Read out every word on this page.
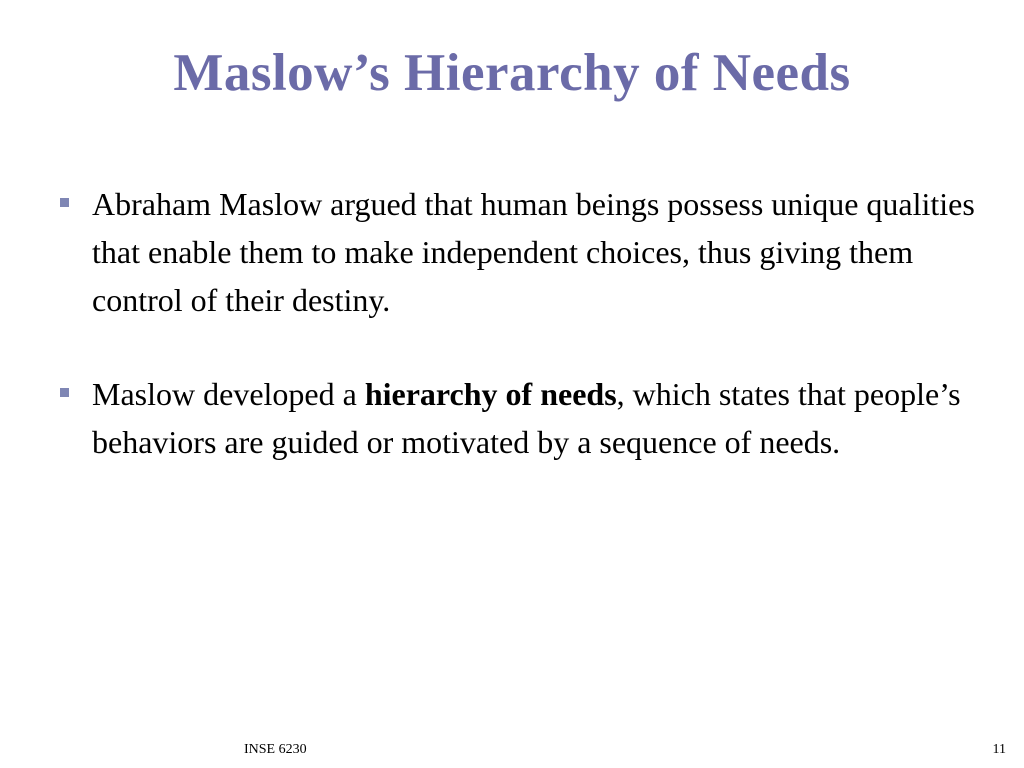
Maslow’s Hierarchy of Needs
Abraham Maslow argued that human beings possess unique qualities that enable them to make independent choices, thus giving them control of their destiny.
Maslow developed a hierarchy of needs, which states that people’s behaviors are guided or motivated by a sequence of needs.
INSE 6230	11
